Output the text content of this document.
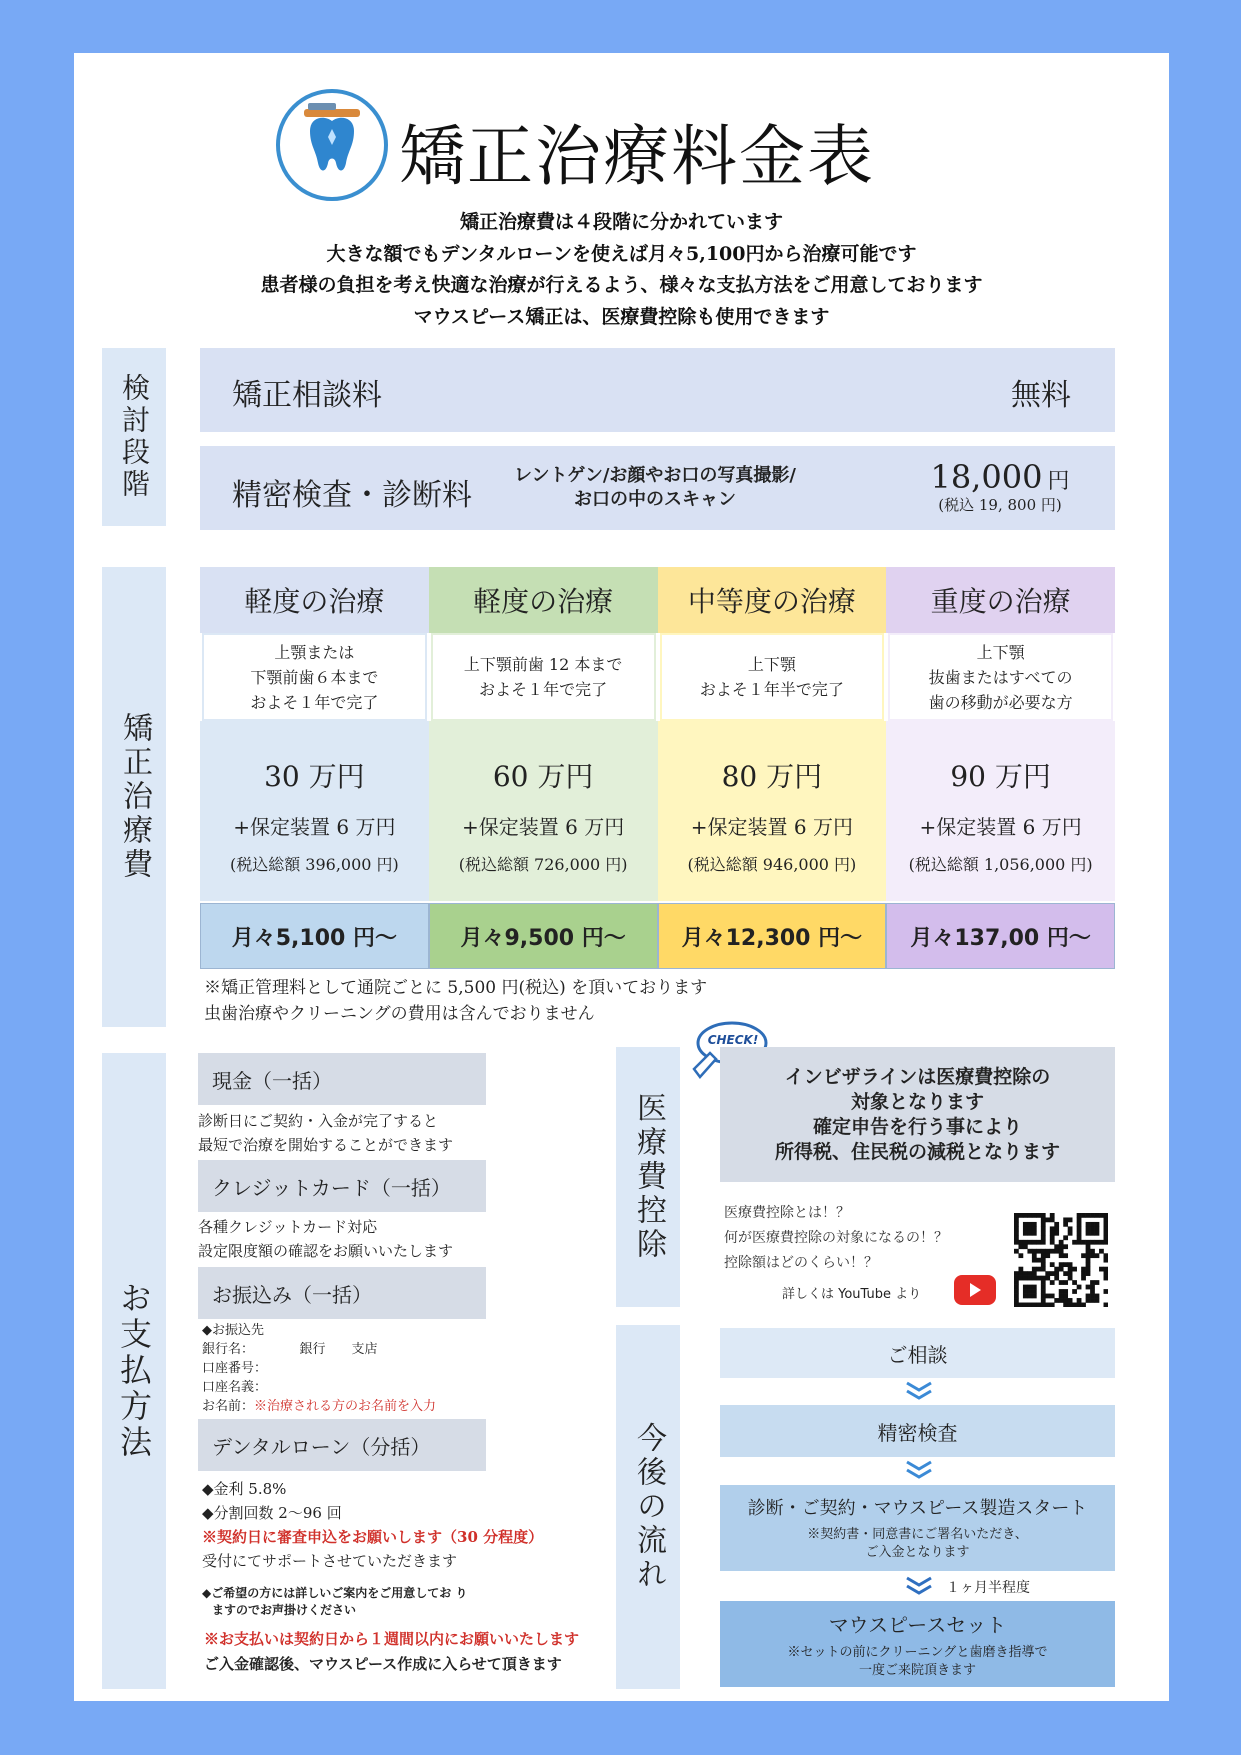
矯正治療料金表
矯正治療費は４段階に分かれています
大きな額でもデンタルローンを使えば月々5,100円から治療可能です
患者様の負担を考え快適な治療が行えるよう、様々な支払方法をご用意しております
マウスピース矯正は、医療費控除も使用できます
検討段階	矯正相談料	無料
精密検査・診断料
レントゲン/お顔やお口の写真撮影/
お口の中のスキャン
18,000 円
(税込 19, 800 円)
矯正治療費
軽度の治療
上顎または
下顎前歯６本まで
およそ１年で完了
30 万円
+保定装置 6 万円
(税込総額 396,000 円)
月々5,100 円〜
軽度の治療
上下顎前歯 12 本まで
およそ１年で完了
60 万円
+保定装置 6 万円
(税込総額 726,000 円)
月々9,500 円〜
中等度の治療
上下顎
およそ１年半で完了
80 万円
+保定装置 6 万円
(税込総額 946,000 円)
月々12,300 円〜
重度の治療
上下顎
抜歯またはすべての
歯の移動が必要な方
90 万円
+保定装置 6 万円
(税込総額 1,056,000 円)
月々137,00 円〜
※矯正管理料として通院ごとに 5,500 円(税込) を頂いております
虫歯治療やクリーニングの費用は含んでおりません
お支払方法
現金（一括）
診断日にご契約・入金が完了すると
最短で治療を開始することができます
クレジットカード（一括）
各種クレジットカード対応
設定限度額の確認をお願いいたします
お振込み（一括）
◆お振込先
銀行名：　　　　銀行　　支店
口座番号：
口座名義：
お名前：※治療される方のお名前を入力
デンタルローン（分括）
◆金利 5.8%
◆分割回数 2〜96 回
※契約日に審査申込をお願いします（30 分程度）
受付にてサポートさせていただきます
◆ご希望の方には詳しいご案内をご用意してお り
ますのでお声掛けください
※お支払いは契約日から１週間以内にお願いいたします
ご入金確認後、マウスピース作成に入らせて頂きます
医療費控除
CHECK!
インビザラインは医療費控除の
対象となります
確定申告を行う事により
所得税、住民税の減税となります
医療費控除とは！？
何が医療費控除の対象になるの！？
控除額はどのくらい！？
詳しくは YouTube より
今後の流れ
ご相談
精密検査
診断・ご契約・マウスピース製造スタート
※契約書・同意書にご署名いただき、
ご入金となります
１ヶ月半程度
マウスピースセット
※セットの前にクリーニングと歯磨き指導で
一度ご来院頂きます
